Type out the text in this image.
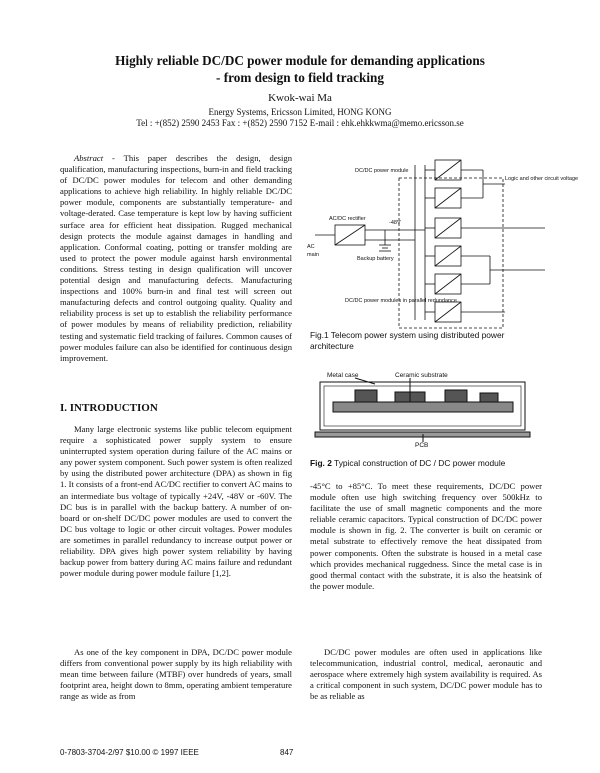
Highly reliable DC/DC power module for demanding applications
- from design to field tracking
Kwok-wai Ma
Energy Systems, Ericsson Limited, HONG KONG
Tel : +(852) 2590 2453 Fax : +(852) 2590 7152 E-mail : ehk.ehkkwma@memo.ericsson.se

Abstract - This paper describes the design, design qualification, manufacturing inspections, burn-in and field tracking of DC/DC power modules for telecom and other demanding applications to achieve high reliability. In highly reliable DC/DC power module, components are substantially temperature- and voltage-derated. Case temperature is kept low by having sufficient surface area for efficient heat dissipation. Rugged mechanical design protects the module against damages in handling and application. Conformal coating, potting or transfer molding are used to protect the power module against harsh environmental conditions. Stress testing in design qualification will uncover potential design and manufacturing defects. Manufacturing inspections and 100% burn-in and final test will screen out manufacturing defects and control outgoing quality. Quality and reliability process is set up to establish the reliability performance of power modules by means of reliability prediction, reliability testing and systematic field tracking of failures. Common causes of power modules failure can also be identified for continuous design improvement.

I. INTRODUCTION

Many large electronic systems like public telecom equipment require a sophisticated power supply system to ensure uninterrupted system operation during failure of the AC mains or any power system component. Such power system is often realized by using the distributed power architecture (DPA) as shown in fig 1. It consists of a front-end AC/DC rectifier to convert AC mains to an intermediate bus voltage of typically +24V, -48V or -60V. The DC bus is in parallel with the backup battery. A number of on-board or on-shelf DC/DC power modules are used to convert the DC bus voltage to logic or other circuit voltages. Power modules are sometimes in parallel redundancy to increase output power or reliability. DPA gives high power system reliability by having backup power from battery during AC mains failure and redundant power module during power module failure [1,2].

As one of the key component in DPA, DC/DC power module differs from conventional power supply by its high reliability with mean time between failure (MTBF) over hundreds of years, small footprint area, height down to 8mm, operating ambient temperature range as wide as from

DC/DC power module
AC/DC rectifier
AC
main
-48V
Backup battery
Logic and other circuit voltage
DC/DC power modules in parallel redundance
Fig.1 Telecom power system using distributed power architecture
Metal case	Ceramic substrate
PCB
Fig. 2 Typical construction of DC / DC power module

-45°C to +85°C. To meet these requirements, DC/DC power module often use high switching frequency over 500kHz to facilitate the use of small magnetic components and the more reliable ceramic capacitors. Typical construction of DC/DC power module is shown in fig. 2. The converter is built on ceramic or metal substrate to effectively remove the heat dissipated from power components. Often the substrate is housed in a metal case which provides mechanical ruggedness. Since the metal case is in good thermal contact with the substrate, it is also the heatsink of the power module.

DC/DC power modules are often used in applications like telecommunication, industrial control, medical, aeronautic and aerospace where extremely high system availability is required. As a critical component in such system, DC/DC power module has to be as reliable as

0-7803-3704-2/97 $10.00 © 1997 IEEE	847
